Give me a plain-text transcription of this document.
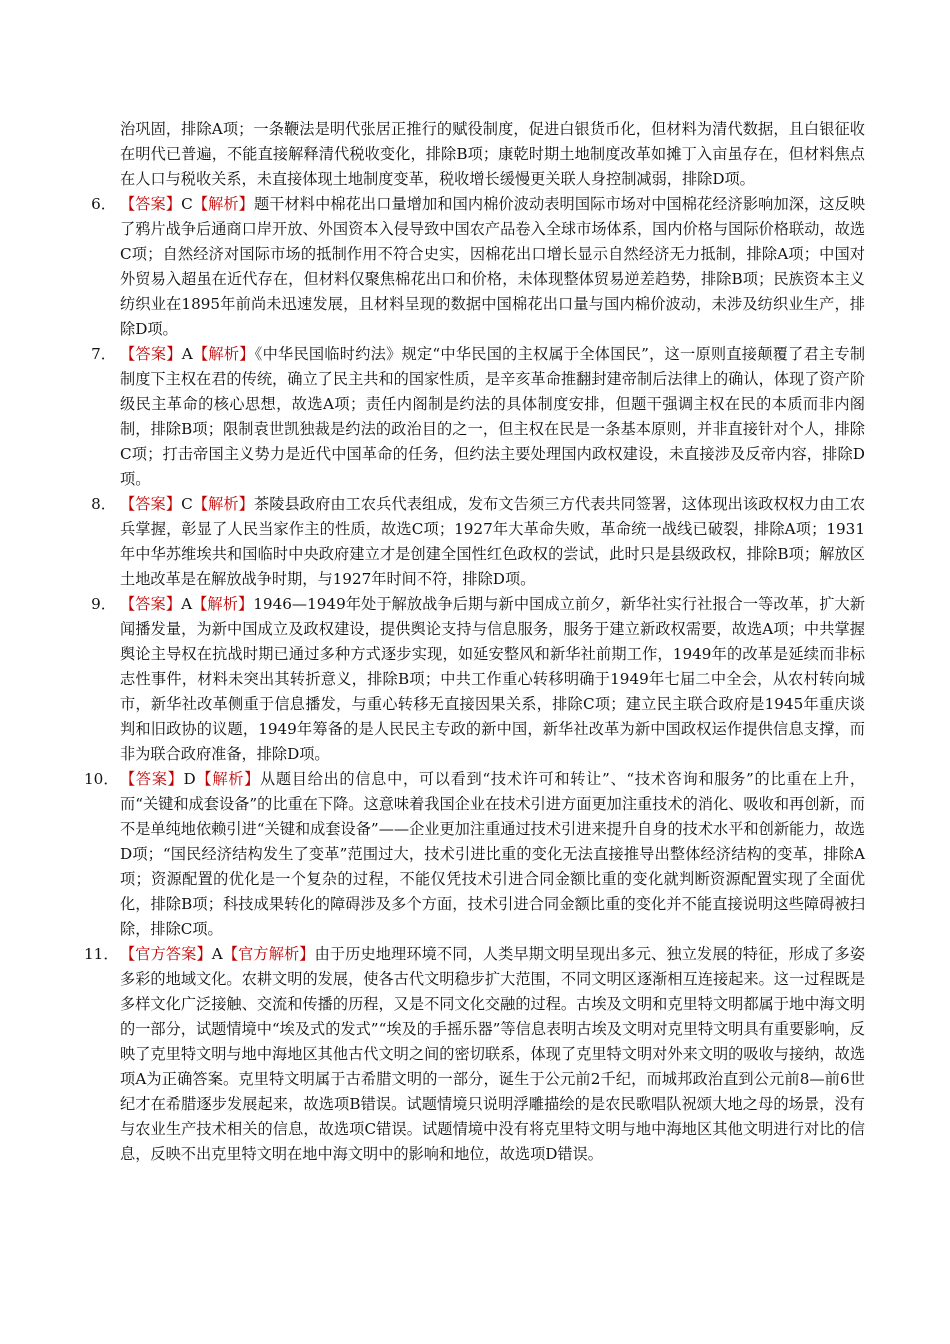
治巩固，排除A项；一条鞭法是明代张居正推行的赋役制度，促进白银货币化，但材料为清代数据，且白银征收在明代已普遍，不能直接解释清代税收变化，排除B项；康乾时期土地制度改革如摊丁入亩虽存在，但材料焦点在人口与税收关系，未直接体现土地制度变革，税收增长缓慢更关联人身控制减弱，排除D项。

6． 【答案】C【解析】题干材料中棉花出口量增加和国内棉价波动表明国际市场对中国棉花经济影响加深，这反映了鸦片战争后通商口岸开放、外国资本入侵导致中国农产品卷入全球市场体系，国内价格与国际价格联动，故选C项；自然经济对国际市场的抵制作用不符合史实，因棉花出口增长显示自然经济无力抵制，排除A项；中国对外贸易入超虽在近代存在，但材料仅聚焦棉花出口和价格，未体现整体贸易逆差趋势，排除B项；民族资本主义纺织业在1895年前尚未迅速发展，且材料呈现的数据中国棉花出口量与国内棉价波动，未涉及纺织业生产，排除D项。

7． 【答案】A【解析】《中华民国临时约法》规定“中华民国的主权属于全体国民”，这一原则直接颠覆了君主专制制度下主权在君的传统，确立了民主共和的国家性质，是辛亥革命推翻封建帝制后法律上的确认，体现了资产阶级民主革命的核心思想，故选A项；责任内阁制是约法的具体制度安排，但题干强调主权在民的本质而非内阁制，排除B项；限制袁世凯独裁是约法的政治目的之一，但主权在民是一条基本原则，并非直接针对个人，排除C项；打击帝国主义势力是近代中国革命的任务，但约法主要处理国内政权建设，未直接涉及反帝内容，排除D项。

8． 【答案】C【解析】茶陵县政府由工农兵代表组成，发布文告须三方代表共同签署，这体现出该政权权力由工农兵掌握，彰显了人民当家作主的性质，故选C项；1927年大革命失败，革命统一战线已破裂，排除A项；1931年中华苏维埃共和国临时中央政府建立才是创建全国性红色政权的尝试，此时只是县级政权，排除B项；解放区土地改革是在解放战争时期，与1927年时间不符，排除D项。

9． 【答案】A【解析】1946—1949年处于解放战争后期与新中国成立前夕，新华社实行社报合一等改革，扩大新闻播发量，为新中国成立及政权建设，提供舆论支持与信息服务，服务于建立新政权需要，故选A项；中共掌握舆论主导权在抗战时期已通过多种方式逐步实现，如延安整风和新华社前期工作，1949年的改革是延续而非标志性事件，材料未突出其转折意义，排除B项；中共工作重心转移明确于1949年七届二中全会，从农村转向城市，新华社改革侧重于信息播发，与重心转移无直接因果关系，排除C项；建立民主联合政府是1945年重庆谈判和旧政协的议题，1949年筹备的是人民民主专政的新中国，新华社改革为新中国政权运作提供信息支撑，而非为联合政府准备，排除D项。

10． 【答案】D【解析】从题目给出的信息中，可以看到“技术许可和转让”、“技术咨询和服务”的比重在上升，而“关键和成套设备”的比重在下降。这意味着我国企业在技术引进方面更加注重技术的消化、吸收和再创新，而不是单纯地依赖引进“关键和成套设备”——企业更加注重通过技术引进来提升自身的技术水平和创新能力，故选D项；“国民经济结构发生了变革”范围过大，技术引进比重的变化无法直接推导出整体经济结构的变革，排除A项；资源配置的优化是一个复杂的过程，不能仅凭技术引进合同金额比重的变化就判断资源配置实现了全面优化，排除B项；科技成果转化的障碍涉及多个方面，技术引进合同金额比重的变化并不能直接说明这些障碍被扫除，排除C项。

11． 【官方答案】A【官方解析】由于历史地理环境不同，人类早期文明呈现出多元、独立发展的特征，形成了多姿多彩的地域文化。农耕文明的发展，使各古代文明稳步扩大范围，不同文明区逐渐相互连接起来。这一过程既是多样文化广泛接触、交流和传播的历程，又是不同文化交融的过程。古埃及文明和克里特文明都属于地中海文明的一部分，试题情境中“埃及式的发式”“埃及的手摇乐器”等信息表明古埃及文明对克里特文明具有重要影响，反映了克里特文明与地中海地区其他古代文明之间的密切联系，体现了克里特文明对外来文明的吸收与接纳，故选项A为正确答案。克里特文明属于古希腊文明的一部分，诞生于公元前2千纪，而城邦政治直到公元前8—前6世纪才在希腊逐步发展起来，故选项B错误。试题情境只说明浮雕描绘的是农民歌唱队祝颂大地之母的场景，没有与农业生产技术相关的信息，故选项C错误。试题情境中没有将克里特文明与地中海地区其他文明进行对比的信息，反映不出克里特文明在地中海文明中的影响和地位，故选项D错误。
